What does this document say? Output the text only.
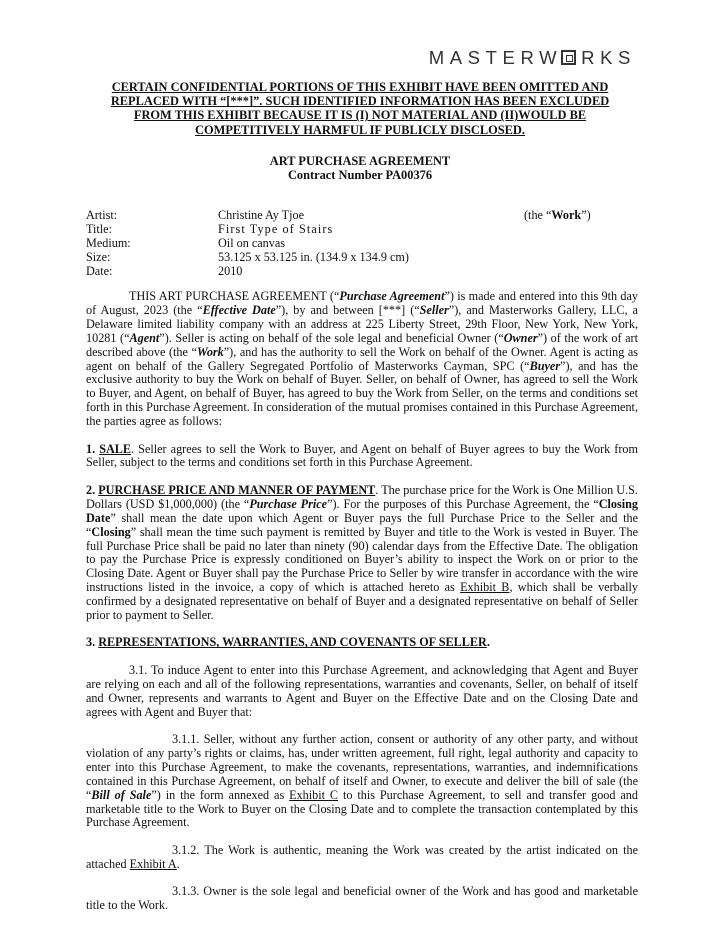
MASTERW RKS
CERTAIN CONFIDENTIAL PORTIONS OF THIS EXHIBIT HAVE BEEN OMITTED AND
REPLACED WITH “[***]”. SUCH IDENTIFIED INFORMATION HAS BEEN EXCLUDED
FROM THIS EXHIBIT BECAUSE IT IS (I) NOT MATERIAL AND (II)WOULD BE
COMPETITIVELY HARMFUL IF PUBLICLY DISCLOSED.
ART PURCHASE AGREEMENT
Contract Number PA00376
Artist:	Christine Ay Tjoe	(the “Work”)
Title:	First Type of Stairs
Medium:	Oil on canvas
Size:	53.125 x 53.125 in. (134.9 x 134.9 cm)
Date:	2010

THIS ART PURCHASE AGREEMENT (“Purchase Agreement”) is made and entered into this 9th day of August, 2023 (the “Effective Date”), by and between [***] (“Seller”), and Masterworks Gallery, LLC, a Delaware limited liability company with an address at 225 Liberty Street, 29th Floor, New York, New York, 10281 (“Agent”). Seller is acting on behalf of the sole legal and beneficial Owner (“Owner”) of the work of art described above (the “Work”), and has the authority to sell the Work on behalf of the Owner. Agent is acting as agent on behalf of the Gallery Segregated Portfolio of Masterworks Cayman, SPC (“Buyer”), and has the exclusive authority to buy the Work on behalf of Buyer. Seller, on behalf of Owner, has agreed to sell the Work to Buyer, and Agent, on behalf of Buyer, has agreed to buy the Work from Seller, on the terms and conditions set forth in this Purchase Agreement. In consideration of the mutual promises contained in this Purchase Agreement, the parties agree as follows:

1. SALE. Seller agrees to sell the Work to Buyer, and Agent on behalf of Buyer agrees to buy the Work from Seller, subject to the terms and conditions set forth in this Purchase Agreement.

2. PURCHASE PRICE AND MANNER OF PAYMENT. The purchase price for the Work is One Million U.S. Dollars (USD $1,000,000) (the “Purchase Price”). For the purposes of this Purchase Agreement, the “Closing Date” shall mean the date upon which Agent or Buyer pays the full Purchase Price to the Seller and the “Closing” shall mean the time such payment is remitted by Buyer and title to the Work is vested in Buyer. The full Purchase Price shall be paid no later than ninety (90) calendar days from the Effective Date. The obligation to pay the Purchase Price is expressly conditioned on Buyer’s ability to inspect the Work on or prior to the Closing Date. Agent or Buyer shall pay the Purchase Price to Seller by wire transfer in accordance with the wire instructions listed in the invoice, a copy of which is attached hereto as Exhibit B, which shall be verbally confirmed by a designated representative on behalf of Buyer and a designated representative on behalf of Seller prior to payment to Seller.

3. REPRESENTATIONS, WARRANTIES, AND COVENANTS OF SELLER.

3.1. To induce Agent to enter into this Purchase Agreement, and acknowledging that Agent and Buyer are relying on each and all of the following representations, warranties and covenants, Seller, on behalf of itself and Owner, represents and warrants to Agent and Buyer on the Effective Date and on the Closing Date and agrees with Agent and Buyer that:

3.1.1. Seller, without any further action, consent or authority of any other party, and without violation of any party’s rights or claims, has, under written agreement, full right, legal authority and capacity to enter into this Purchase Agreement, to make the covenants, representations, warranties, and indemnifications contained in this Purchase Agreement, on behalf of itself and Owner, to execute and deliver the bill of sale (the “Bill of Sale”) in the form annexed as Exhibit C to this Purchase Agreement, to sell and transfer good and marketable title to the Work to Buyer on the Closing Date and to complete the transaction contemplated by this Purchase Agreement.

3.1.2. The Work is authentic, meaning the Work was created by the artist indicated on the attached Exhibit A.

3.1.3. Owner is the sole legal and beneficial owner of the Work and has good and marketable title to the Work.
